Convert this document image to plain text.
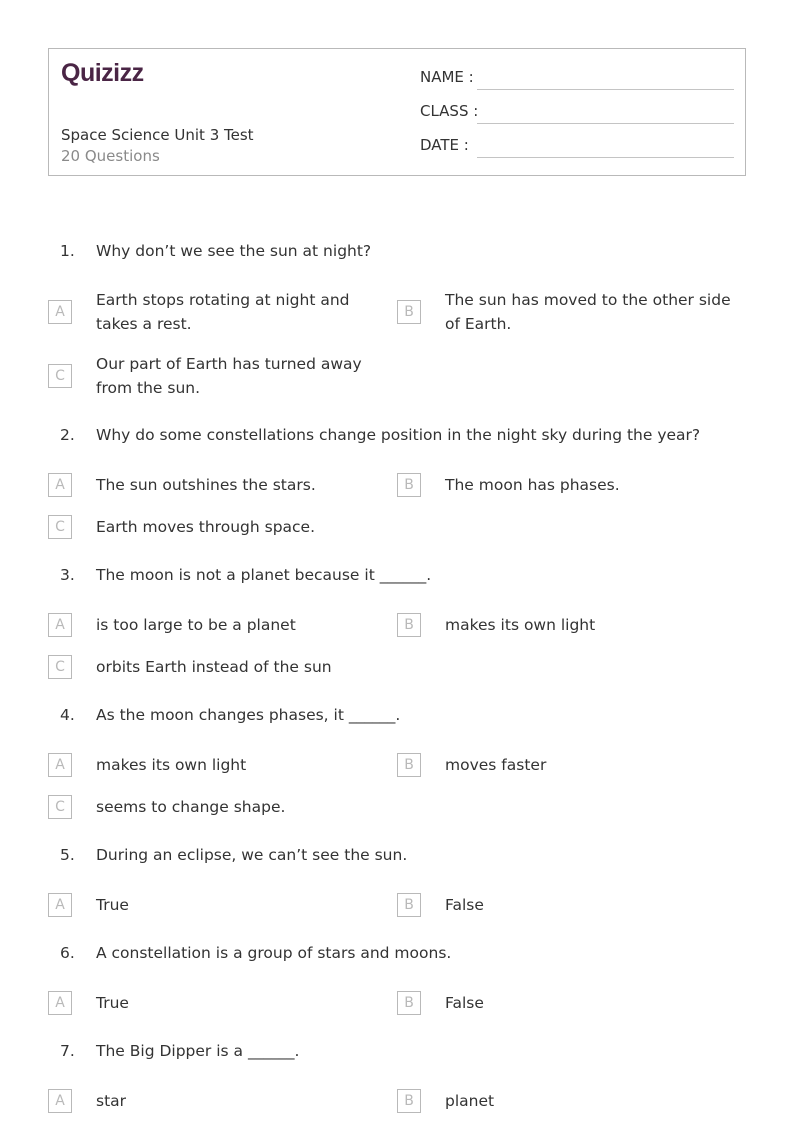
Quizizz
Space Science Unit 3 Test
20 Questions
NAME :
CLASS :
DATE :
1. Why don’t we see the sun at night?
A
Earth stops rotating at night and takes a rest.
B
The sun has moved to the other side of Earth.
C
Our part of Earth has turned away from the sun.
2. Why do some constellations change position in the night sky during the year?
A	The sun outshines the stars.	B	The moon has phases.
C	Earth moves through space.
3. The moon is not a planet because it ______.
A	is too large to be a planet	B	makes its own light
C	orbits Earth instead of the sun
4. As the moon changes phases, it ______.
A	makes its own light	B	moves faster
C	seems to change shape.
5. During an eclipse, we can’t see the sun.
A	True	B	False
6. A constellation is a group of stars and moons.
A	True	B	False
7. The Big Dipper is a ______.
A	star	B	planet
